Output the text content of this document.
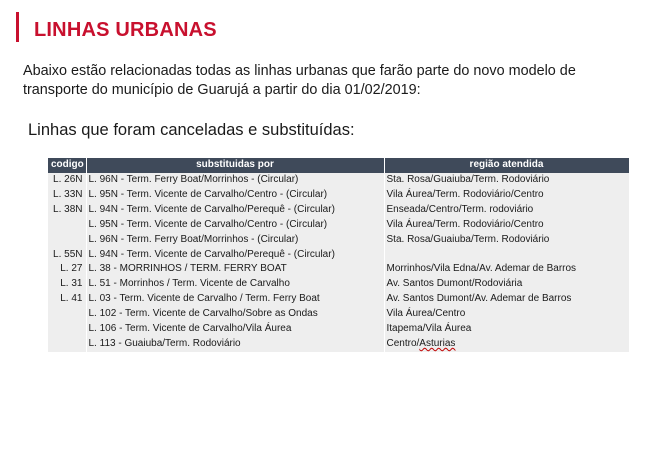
LINHAS URBANAS

Abaixo estão relacionadas todas as linhas urbanas que farão parte do novo modelo de transporte do município de Guarujá a partir do dia 01/02/2019:

Linhas que foram canceladas e substituídas:
codigo	substituidas por	região atendida
L. 26N	L. 96N - Term. Ferry Boat/Morrinhos - (Circular)	Sta. Rosa/Guaiuba/Term. Rodoviário

L. 33N	L. 95N - Term. Vicente de Carvalho/Centro - (Circular)	Vila Áurea/Term. Rodoviário/Centro

L. 38N	L. 94N - Term. Vicente de Carvalho/Perequê - (Circular)	Enseada/Centro/Term. rodoviário
	L. 95N - Term. Vicente de Carvalho/Centro - (Circular)	Vila Áurea/Term. Rodoviário/Centro
	L. 96N - Term. Ferry Boat/Morrinhos - (Circular)	Sta. Rosa/Guaiuba/Term. Rodoviário

L. 55N	L. 94N - Term. Vicente de Carvalho/Perequê - (Circular)	

L. 27	L. 38 - MORRINHOS / TERM. FERRY BOAT	Morrinhos/Vila Edna/Av. Ademar de Barros

L. 31	L. 51 - Morrinhos / Term. Vicente de Carvalho	Av. Santos Dumont/Rodoviária

L. 41	L. 03 - Term. Vicente de Carvalho / Term. Ferry Boat	Av. Santos Dumont/Av. Ademar de Barros
	L. 102 - Term. Vicente de Carvalho/Sobre as Ondas	Vila Áurea/Centro
	L. 106 - Term. Vicente de Carvalho/Vila Áurea	Itapema/Vila Áurea
	L. 113 - Guaiuba/Term. Rodoviário	Centro/Asturias
